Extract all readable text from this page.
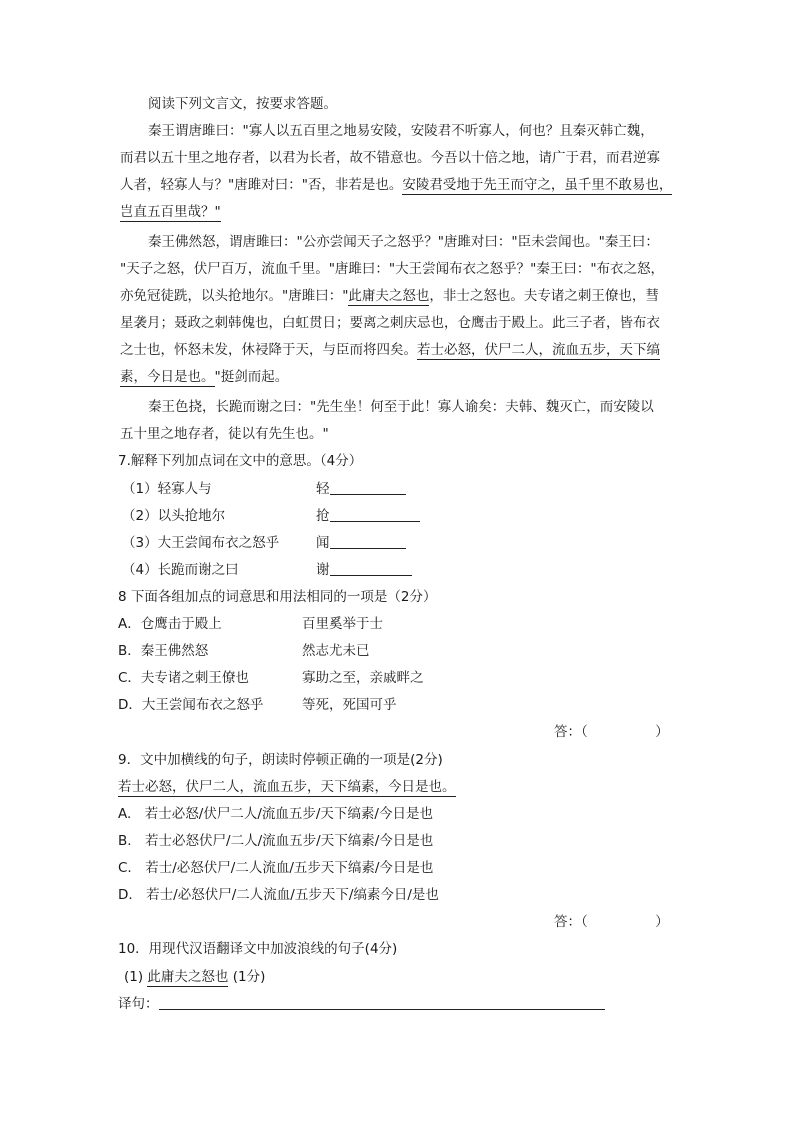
阅读下列文言文，按要求答题。
秦王谓唐雎曰："寡人以五百里之地易安陵，安陵君不听寡人，何也？且秦灭韩亡魏，
而君以五十里之地存者，以君为长者，故不错意也。今吾以十倍之地，请广于君，而君逆寡
人者，轻寡人与？"唐雎对曰："否，非若是也。安陵君受地于先王而守之，虽千里不敢易也，
岂直五百里哉？"
秦王佛然怒，谓唐雎曰："公亦尝闻天子之怒乎？"唐雎对曰："臣未尝闻也。"秦王曰：
"天子之怒，伏尸百万，流血千里。"唐雎曰："大王尝闻布衣之怒乎？"秦王曰："布衣之怒，
亦免冠徒跣，以头抢地尔。"唐雎曰："此庸夫之怒也，非士之怒也。夫专诸之刺王僚也，彗
星袭月；聂政之刺韩傀也，白虹贯日；要离之刺庆忌也，仓鹰击于殿上。此三子者，皆布衣
之士也，怀怒未发，休祲降于天，与臣而将四矣。若士必怒，伏尸二人，流血五步，天下缟
素，今日是也。"挺剑而起。
秦王色挠，长跪而谢之曰："先生坐！何至于此！寡人谕矣：夫韩、魏灭亡，而安陵以
五十里之地存者，徒以有先生也。"
7.解释下列加点词在文中的意思。（4分）
（1）轻寡人与	轻
（2）以头抢地尔	抢
（3）大王尝闻布衣之怒乎	闻
（4）长跪而谢之曰	谢
8 下面各组加点的词意思和用法相同的一项是（2分）
A．仓鹰击于殿上	百里奚举于士
B．秦王佛然怒	然志尤未已
C．夫专诸之刺王僚也	寡助之至，亲戚畔之
D．大王尝闻布衣之怒乎	等死，死国可乎
答：（　　　　　）
9．文中加横线的句子，朗读时停顿正确的一项是(2分)
若士必怒，伏尸二人，流血五步，天下缟素，今日是也。
A.　若士必怒/伏尸二人/流血五步/天下缟素/今日是也
B.　若士必怒伏尸/二人/流血五步/天下缟素/今日是也
C.　若士/必怒伏尸/二人流血/五步天下缟素/今日是也
D.　若士/必怒伏尸/二人流血/五步天下/缟素今日/是也
答：（　　　　　）
10．用现代汉语翻译文中加波浪线的句子(4分)
(1) 此庸夫之怒也 (1分)
译句：
